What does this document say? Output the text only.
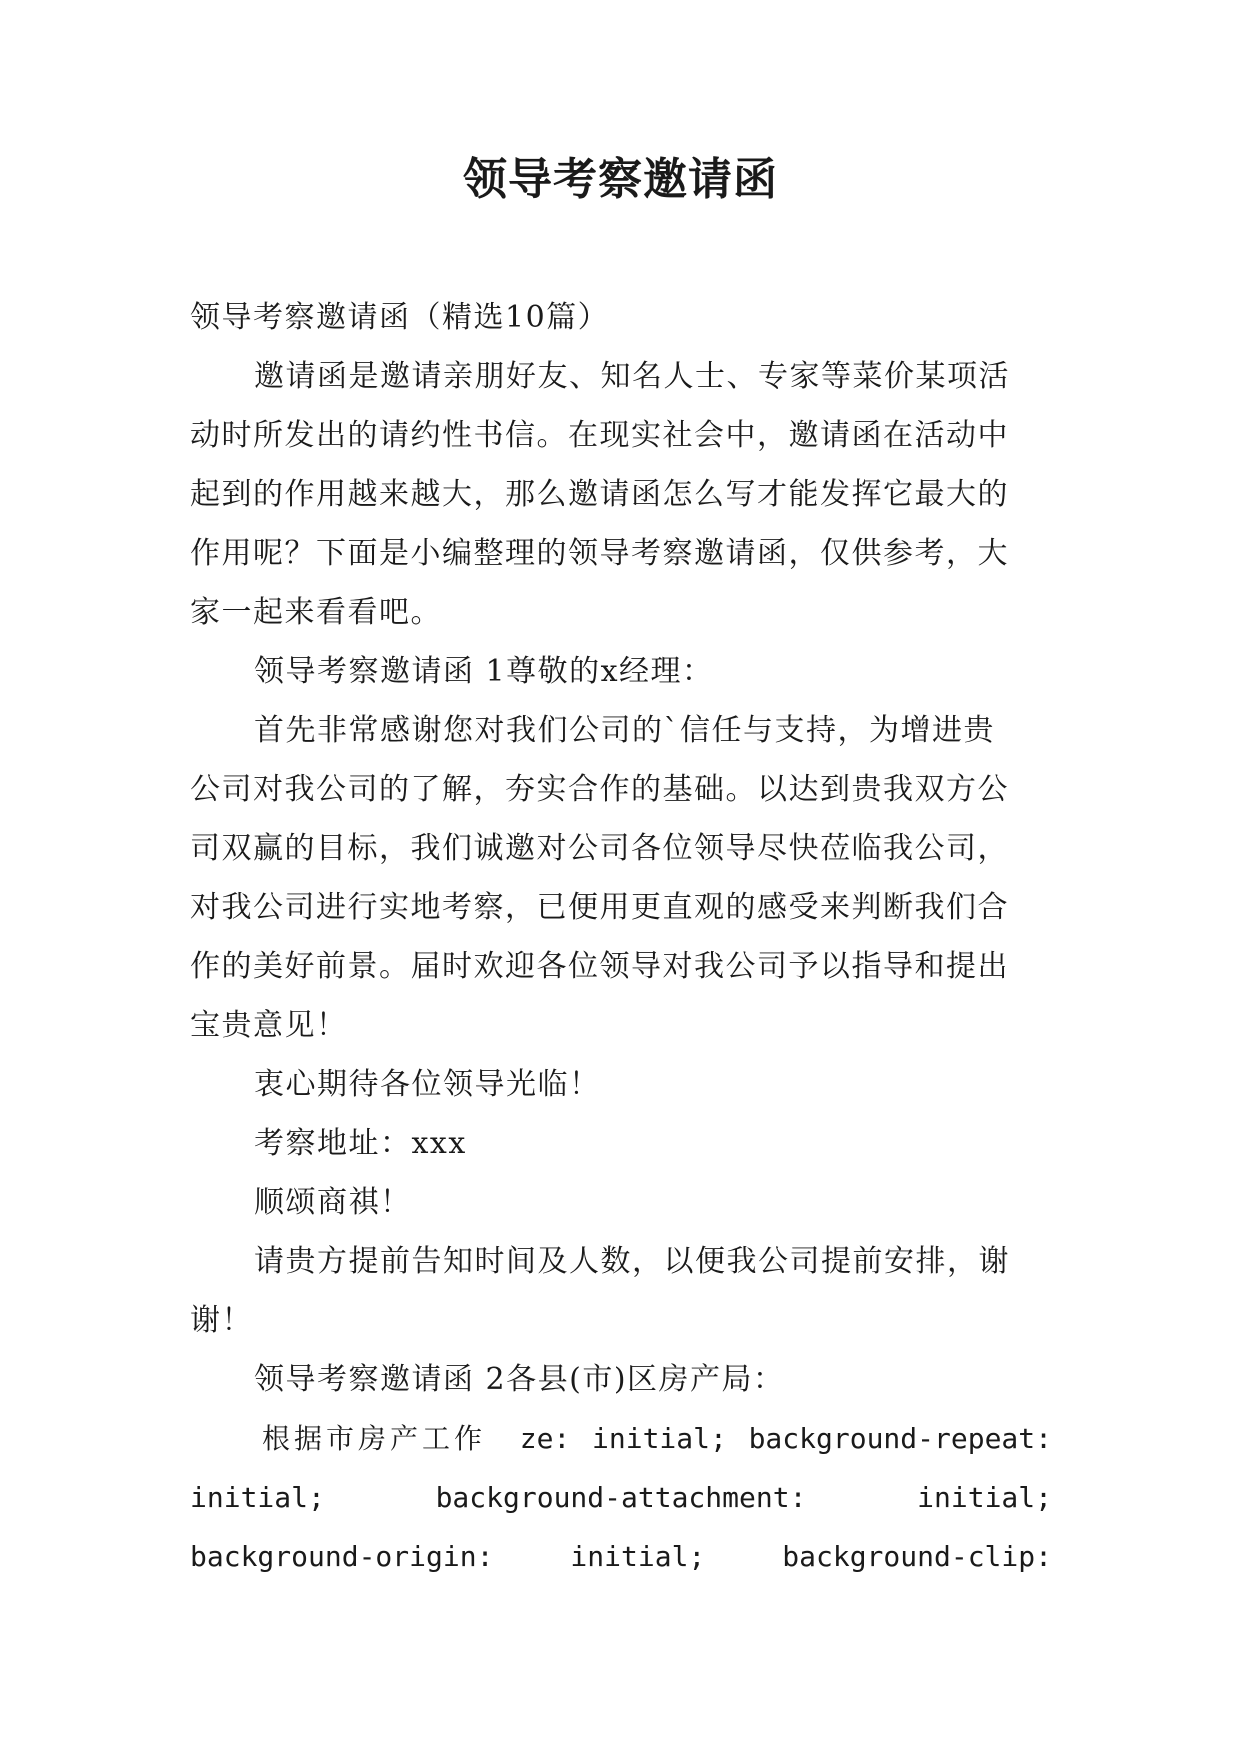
领导考察邀请函

领导考察邀请函（精选10篇）

邀请函是邀请亲朋好友、知名人士、专家等菜价某项活
动时所发出的请约性书信。在现实社会中，邀请函在活动中
起到的作用越来越大，那么邀请函怎么写才能发挥它最大的
作用呢？下面是小编整理的领导考察邀请函，仅供参考，大
家一起来看看吧。

领导考察邀请函 1尊敬的x经理：

首先非常感谢您对我们公司的`信任与支持，为增进贵
公司对我公司的了解，夯实合作的基础。以达到贵我双方公
司双赢的目标，我们诚邀对公司各位领导尽快莅临我公司，
对我公司进行实地考察，已便用更直观的感受来判断我们合
作的美好前景。届时欢迎各位领导对我公司予以指导和提出
宝贵意见！

衷心期待各位领导光临！

考察地址：xxx

顺颂商祺！

请贵方提前告知时间及人数，以便我公司提前安排，谢
谢！

领导考察邀请函 2各县(市)区房产局：

根据市房产工作 ze: initial; background-repeat:
initial;	background-attachment:	initial;
background-origin:	initial;	background-clip:
